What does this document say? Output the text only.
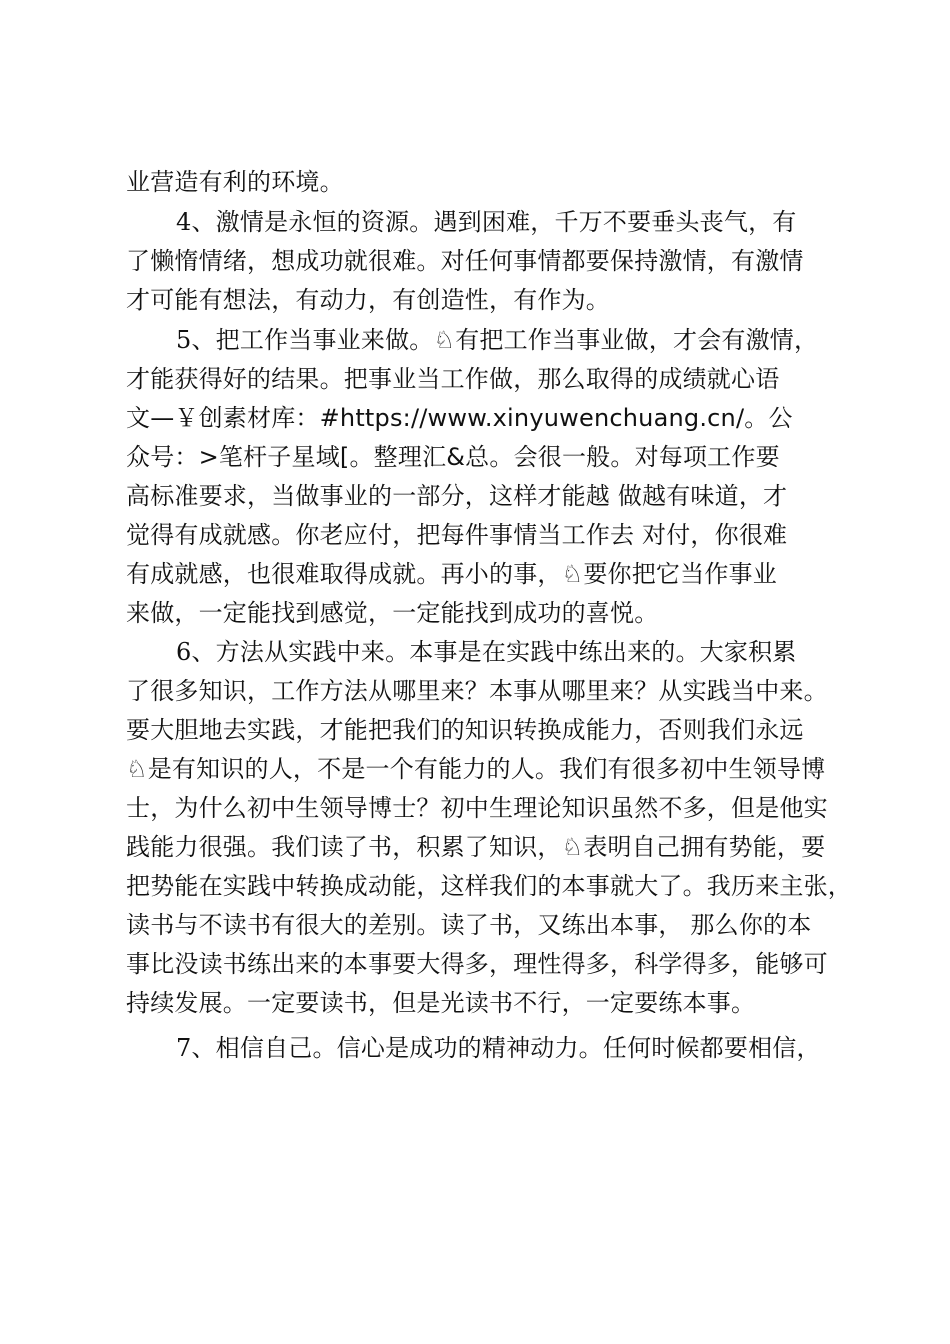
业营造有利的环境。
4、激情是永恒的资源。遇到困难，千万不要垂头丧气，有
了懒惰情绪，想成功就很难。对任何事情都要保持激情，有激情
才可能有想法，有动力，有创造性，有作为。
5、把工作当事业来做。♘有把工作当事业做，才会有激情，
才能获得好的结果。把事业当工作做，那么取得的成绩就心语
文—￥创素材库：#https://www.xinyuwenchuang.cn/。公
众号：>笔杆子星域[。整理汇&总。会很一般。对每项工作要
高标准要求，当做事业的一部分，这样才能越 做越有味道，才
觉得有成就感。你老应付，把每件事情当工作去 对付，你很难
有成就感，也很难取得成就。再小的事，♘要你把它当作事业
来做，一定能找到感觉，一定能找到成功的喜悦。
6、方法从实践中来。本事是在实践中练出来的。大家积累
了很多知识，工作方法从哪里来？本事从哪里来？从实践当中来。
要大胆地去实践，才能把我们的知识转换成能力，否则我们永远
♘是有知识的人，不是一个有能力的人。我们有很多初中生领导博
士，为什么初中生领导博士？初中生理论知识虽然不多，但是他实
践能力很强。我们读了书，积累了知识，♘表明自己拥有势能，要
把势能在实践中转换成动能，这样我们的本事就大了。我历来主张，
读书与不读书有很大的差别。读了书，又练出本事， 那么你的本
事比没读书练出来的本事要大得多，理性得多，科学得多，能够可
持续发展。一定要读书，但是光读书不行，一定要练本事。
7、相信自己。信心是成功的精神动力。任何时候都要相信，
